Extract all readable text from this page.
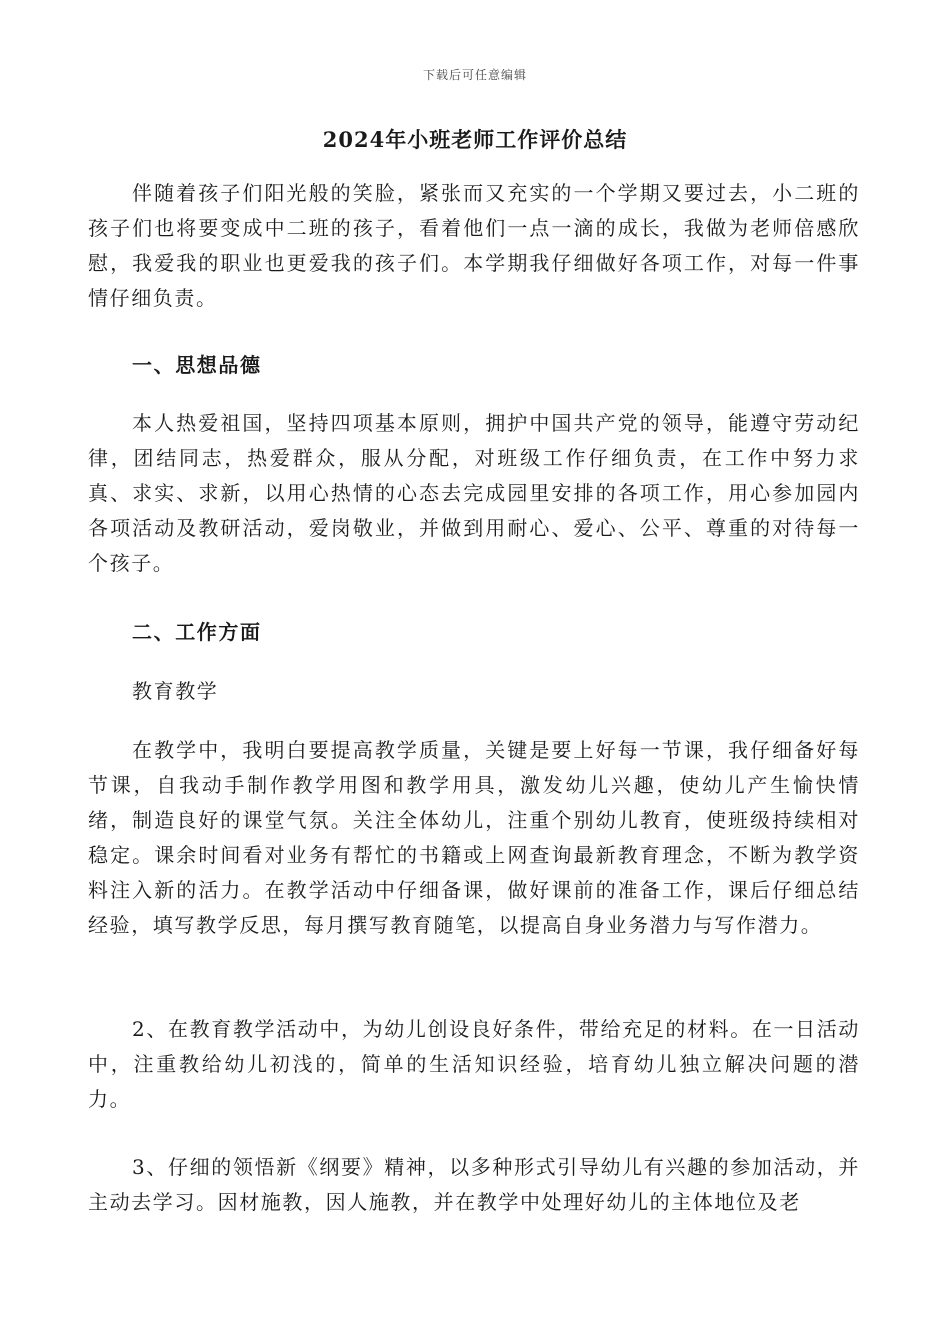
下载后可任意编辑
2024年小班老师工作评价总结
伴随着孩子们阳光般的笑脸，紧张而又充实的一个学期又要过去，小二班的孩子们也将要变成中二班的孩子，看着他们一点一滴的成长，我做为老师倍感欣慰，我爱我的职业也更爱我的孩子们。本学期我仔细做好各项工作，对每一件事情仔细负责。
一、思想品德
本人热爱祖国，坚持四项基本原则，拥护中国共产党的领导，能遵守劳动纪律，团结同志，热爱群众，服从分配，对班级工作仔细负责，在工作中努力求真、求实、求新，以用心热情的心态去完成园里安排的各项工作，用心参加园内各项活动及教研活动，爱岗敬业，并做到用耐心、爱心、公平、尊重的对待每一个孩子。
二、工作方面
教育教学
在教学中，我明白要提高教学质量，关键是要上好每一节课，我仔细备好每节课，自我动手制作教学用图和教学用具，激发幼儿兴趣，使幼儿产生愉快情绪，制造良好的课堂气氛。关注全体幼儿，注重个别幼儿教育，使班级持续相对稳定。课余时间看对业务有帮忙的书籍或上网查询最新教育理念，不断为教学资料注入新的活力。在教学活动中仔细备课，做好课前的准备工作，课后仔细总结经验，填写教学反思，每月撰写教育随笔，以提高自身业务潜力与写作潜力。
2、在教育教学活动中，为幼儿创设良好条件，带给充足的材料。在一日活动中，注重教给幼儿初浅的，简单的生活知识经验，培育幼儿独立解决问题的潜力。
3、仔细的领悟新《纲要》精神，以多种形式引导幼儿有兴趣的参加活动，并主动去学习。因材施教，因人施教，并在教学中处理好幼儿的主体地位及老
